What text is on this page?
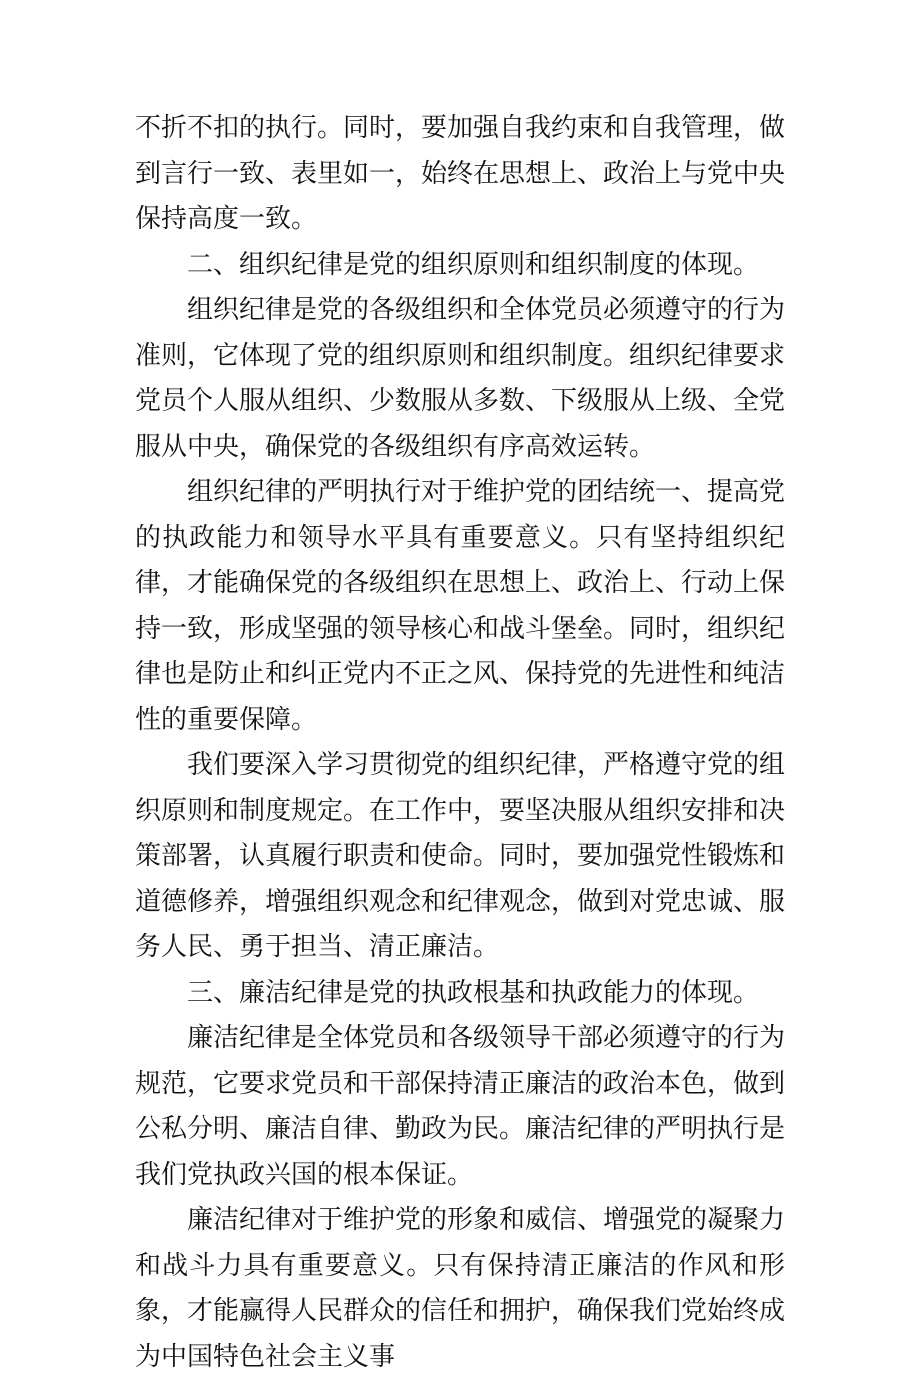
不折不扣的执行。同时，要加强自我约束和自我管理，做到言行一致、表里如一，始终在思想上、政治上与党中央保持高度一致。

二、组织纪律是党的组织原则和组织制度的体现。

组织纪律是党的各级组织和全体党员必须遵守的行为准则，它体现了党的组织原则和组织制度。组织纪律要求党员个人服从组织、少数服从多数、下级服从上级、全党服从中央，确保党的各级组织有序高效运转。

组织纪律的严明执行对于维护党的团结统一、提高党的执政能力和领导水平具有重要意义。只有坚持组织纪律，才能确保党的各级组织在思想上、政治上、行动上保持一致，形成坚强的领导核心和战斗堡垒。同时，组织纪律也是防止和纠正党内不正之风、保持党的先进性和纯洁性的重要保障。

我们要深入学习贯彻党的组织纪律，严格遵守党的组织原则和制度规定。在工作中，要坚决服从组织安排和决策部署，认真履行职责和使命。同时，要加强党性锻炼和道德修养，增强组织观念和纪律观念，做到对党忠诚、服务人民、勇于担当、清正廉洁。

三、廉洁纪律是党的执政根基和执政能力的体现。

廉洁纪律是全体党员和各级领导干部必须遵守的行为规范，它要求党员和干部保持清正廉洁的政治本色，做到公私分明、廉洁自律、勤政为民。廉洁纪律的严明执行是我们党执政兴国的根本保证。

廉洁纪律对于维护党的形象和威信、增强党的凝聚力和战斗力具有重要意义。只有保持清正廉洁的作风和形象，才能赢得人民群众的信任和拥护，确保我们党始终成为中国特色社会主义事
